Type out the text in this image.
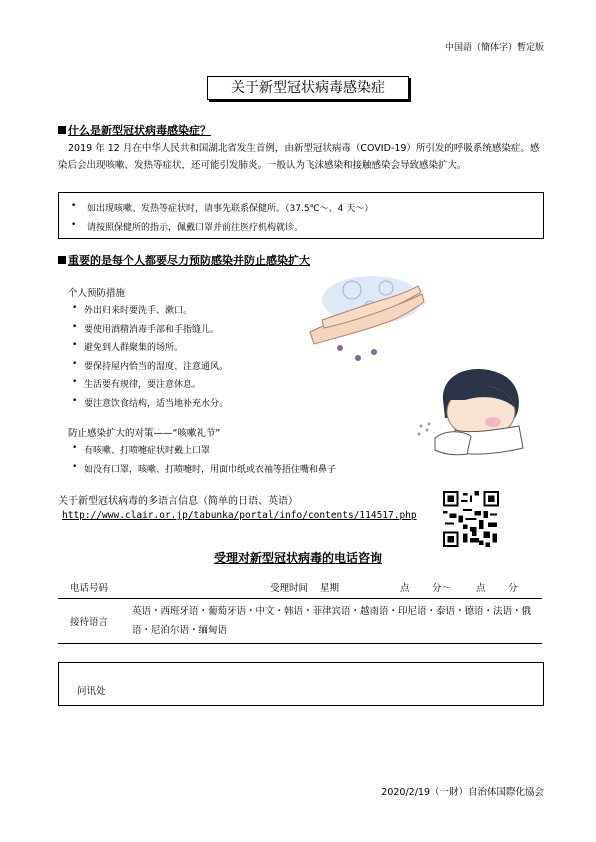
中国語（簡体字）暫定版
关于新型冠状病毒感染症
什么是新型冠状病毒感染症？
2019 年 12 月在中华人民共和国湖北省发生首例，由新型冠状病毒（COVID-19）所引发的呼吸系统感染症。感染后会出现咳嗽、发热等症状，还可能引发肺炎。一般认为飞沫感染和接触感染会导致感染扩大。
• 如出现咳嗽、发热等症状时，请事先联系保健所。（37.5℃～、4 天～）
• 请按照保健所的指示，佩戴口罩并前往医疗机构就诊。
重要的是每个人都要尽力预防感染并防止感染扩大
个人预防措施
• 外出归来时要洗手、漱口。
• 要使用酒精消毒手部和手指缝儿。
• 避免到人群聚集的场所。
• 要保持屋内恰当的湿度、注意通风。
• 生活要有规律，要注意休息。
• 要注意饮食结构，适当地补充水分。
防止感染扩大的对策——“咳嗽礼节”
• 有咳嗽、打喷嚏症状时戴上口罩
• 如没有口罩，咳嗽、打喷嚏时，用面巾纸或衣袖等捂住嘴和鼻子
关于新型冠状病毒的多语言信息（简单的日语、英语）
http://www.clair.or.jp/tabunka/portal/info/contents/114517.php
受理对新型冠状病毒的电话咨询
电话号码	受理时间 星期	点 分～	点 分
接待语言
英语・西班牙语・葡萄牙语・中文・韩语・菲律宾语・越南语・印尼语・泰语・德语・法语・俄语・尼泊尔语・缅甸语
问讯处
2020/2/19（一財）自治体国際化協会
